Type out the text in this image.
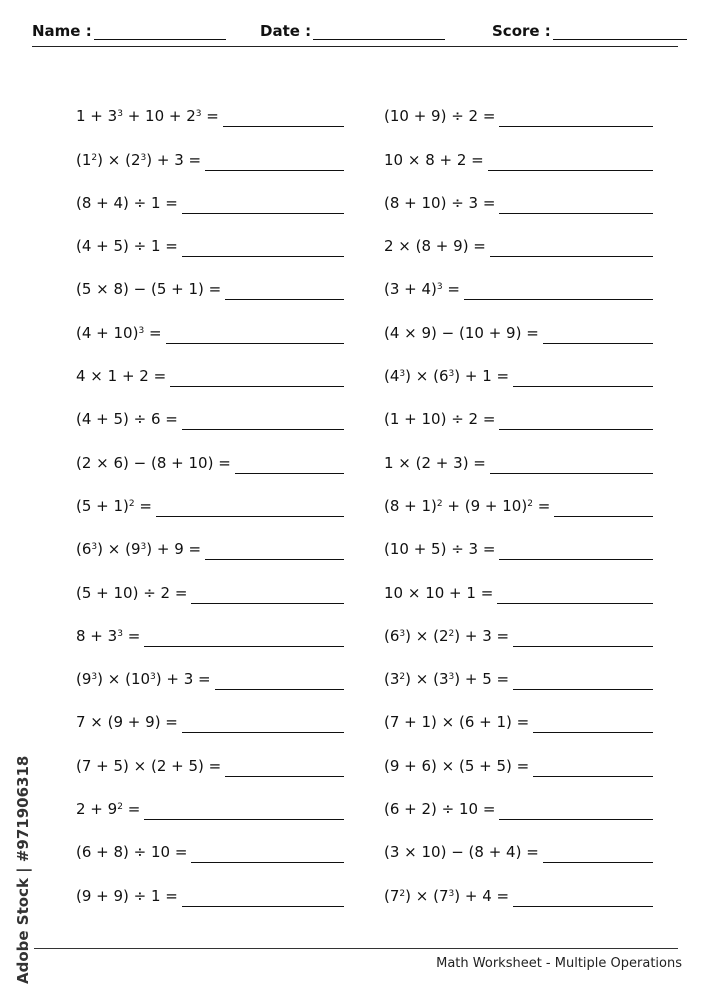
Name :	Date :	Score :
$1 + 3^3 + 10 + 2^3$ =
$(1^2) \times (2^3) + 3$ =
(8 + 4) ÷ 1 =
(4 + 5) ÷ 1 =
(5 × 8) − (5 + 1) =
$(4 + 10)^3$ =
4 × 1 + 2 =
(4 + 5) ÷ 6 =
(2 × 6) − (8 + 10) =
$(5 + 1)^2$ =
$(6^3) \times (9^3) + 9$ =
(5 + 10) ÷ 2 =
$8 + 3^3$ =
$(9^3) \times (10^3) + 3$ =
7 × (9 + 9) =
(7 + 5) × (2 + 5) =
$2 + 9^2$ =
(6 + 8) ÷ 10 =
(9 + 9) ÷ 1 =
(10 + 9) ÷ 2 =
10 × 8 + 2 =
(8 + 10) ÷ 3 =
2 × (8 + 9) =
$(3 + 4)^3$ =
(4 × 9) − (10 + 9) =
$(4^3) \times (6^3) + 1$ =
(1 + 10) ÷ 2 =
1 × (2 + 3) =
$(8 + 1)^2 + (9 + 10)^2$ =
(10 + 5) ÷ 3 =
10 × 10 + 1 =
$(6^3) \times (2^2) + 3$ =
$(3^2) \times (3^3) + 5$ =
(7 + 1) × (6 + 1) =
(9 + 6) × (5 + 5) =
(6 + 2) ÷ 10 =
(3 × 10) − (8 + 4) =
$(7^2) \times (7^3) + 4$ =
Math Worksheet - Multiple Operations
Adobe Stock | #971906318
